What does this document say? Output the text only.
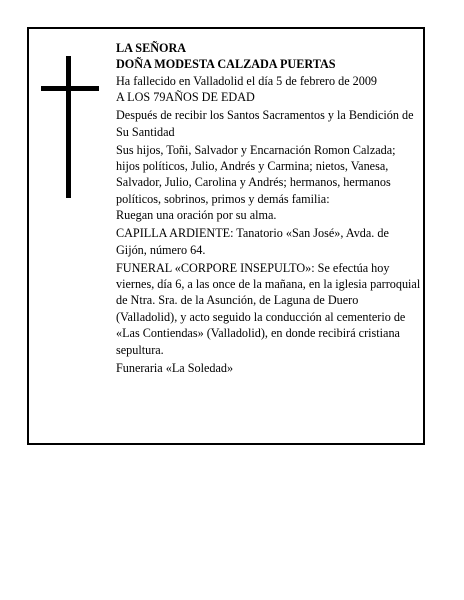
LA SEÑORA

DOÑA MODESTA CALZADA PUERTAS

Ha fallecido en Valladolid el día 5 de febrero de 2009

A LOS 79AÑOS DE EDAD

Después de recibir los Santos Sacramentos y la Bendición de Su Santidad

Sus hijos, Toñi, Salvador y Encarnación Romon Calzada; hijos políticos, Julio, Andrés y Carmina; nietos, Vanesa, Salvador, Julio, Carolina y Andrés; hermanos, hermanos políticos, sobrinos, primos y demás familia:

Ruegan una oración por su alma.

CAPILLA ARDIENTE: Tanatorio «San José», Avda. de Gijón, número 64.

FUNERAL «CORPORE INSEPULTO»: Se efectúa hoy viernes, día 6, a las once de la mañana, en la iglesia parroquial de Ntra. Sra. de la Asunción, de Laguna de Duero (Valladolid), y acto seguido la conducción al cementerio de «Las Contiendas» (Valladolid), en donde recibirá cristiana sepultura.

Funeraria «La Soledad»
